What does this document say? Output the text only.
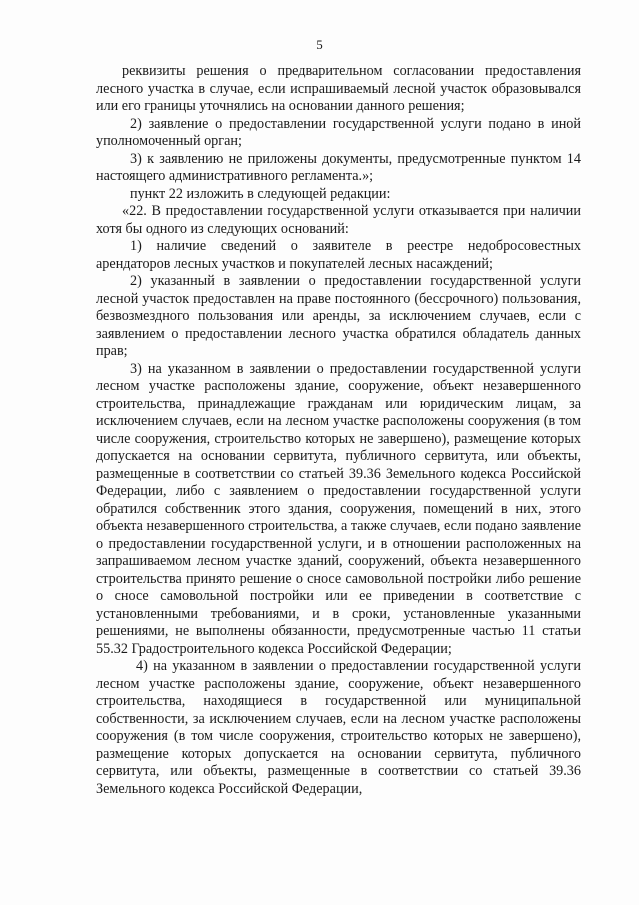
5

реквизиты решения о предварительном согласовании предоставления лесного участка в случае, если испрашиваемый лесной участок образовывался или его границы уточнялись на основании данного решения;

2) заявление о предоставлении государственной услуги подано в иной уполномоченный орган;

3) к заявлению не приложены документы, предусмотренные пунктом 14 настоящего административного регламента.»;

пункт 22 изложить в следующей редакции:

«22. В предоставлении государственной услуги отказывается при наличии хотя бы одного из следующих оснований:

1) наличие сведений о заявителе в реестре недобросовестных арендаторов лесных участков и покупателей лесных насаждений;

2) указанный в заявлении о предоставлении государственной услуги лесной участок предоставлен на праве постоянного (бессрочного) пользования, безвозмездного пользования или аренды, за исключением случаев, если с заявлением о предоставлении лесного участка обратился обладатель данных прав;

3) на указанном в заявлении о предоставлении государственной услуги лесном участке расположены здание, сооружение, объект незавершенного строительства, принадлежащие гражданам или юридическим лицам, за исключением случаев, если на лесном участке расположены сооружения (в том числе сооружения, строительство которых не завершено), размещение которых допускается на основании сервитута, публичного сервитута, или объекты, размещенные в соответствии со статьей 39.36 Земельного кодекса Российской Федерации, либо с заявлением о предоставлении государственной услуги обратился собственник этого здания, сооружения, помещений в них, этого объекта незавершенного строительства, а также случаев, если подано заявление о предоставлении государственной услуги, и в отношении расположенных на запрашиваемом лесном участке зданий, сооружений, объекта незавершенного строительства принято решение о сносе самовольной постройки либо решение о сносе самовольной постройки или ее приведении в соответствие с установленными требованиями, и в сроки, установленные указанными решениями, не выполнены обязанности, предусмотренные частью 11 статьи 55.32 Градостроительного кодекса Российской Федерации;

4) на указанном в заявлении о предоставлении государственной услуги лесном участке расположены здание, сооружение, объект незавершенного строительства, находящиеся в государственной или муниципальной собственности, за исключением случаев, если на лесном участке расположены сооружения (в том числе сооружения, строительство которых не завершено), размещение которых допускается на основании сервитута, публичного сервитута, или объекты, размещенные в соответствии со статьей 39.36 Земельного кодекса Российской Федерации,
